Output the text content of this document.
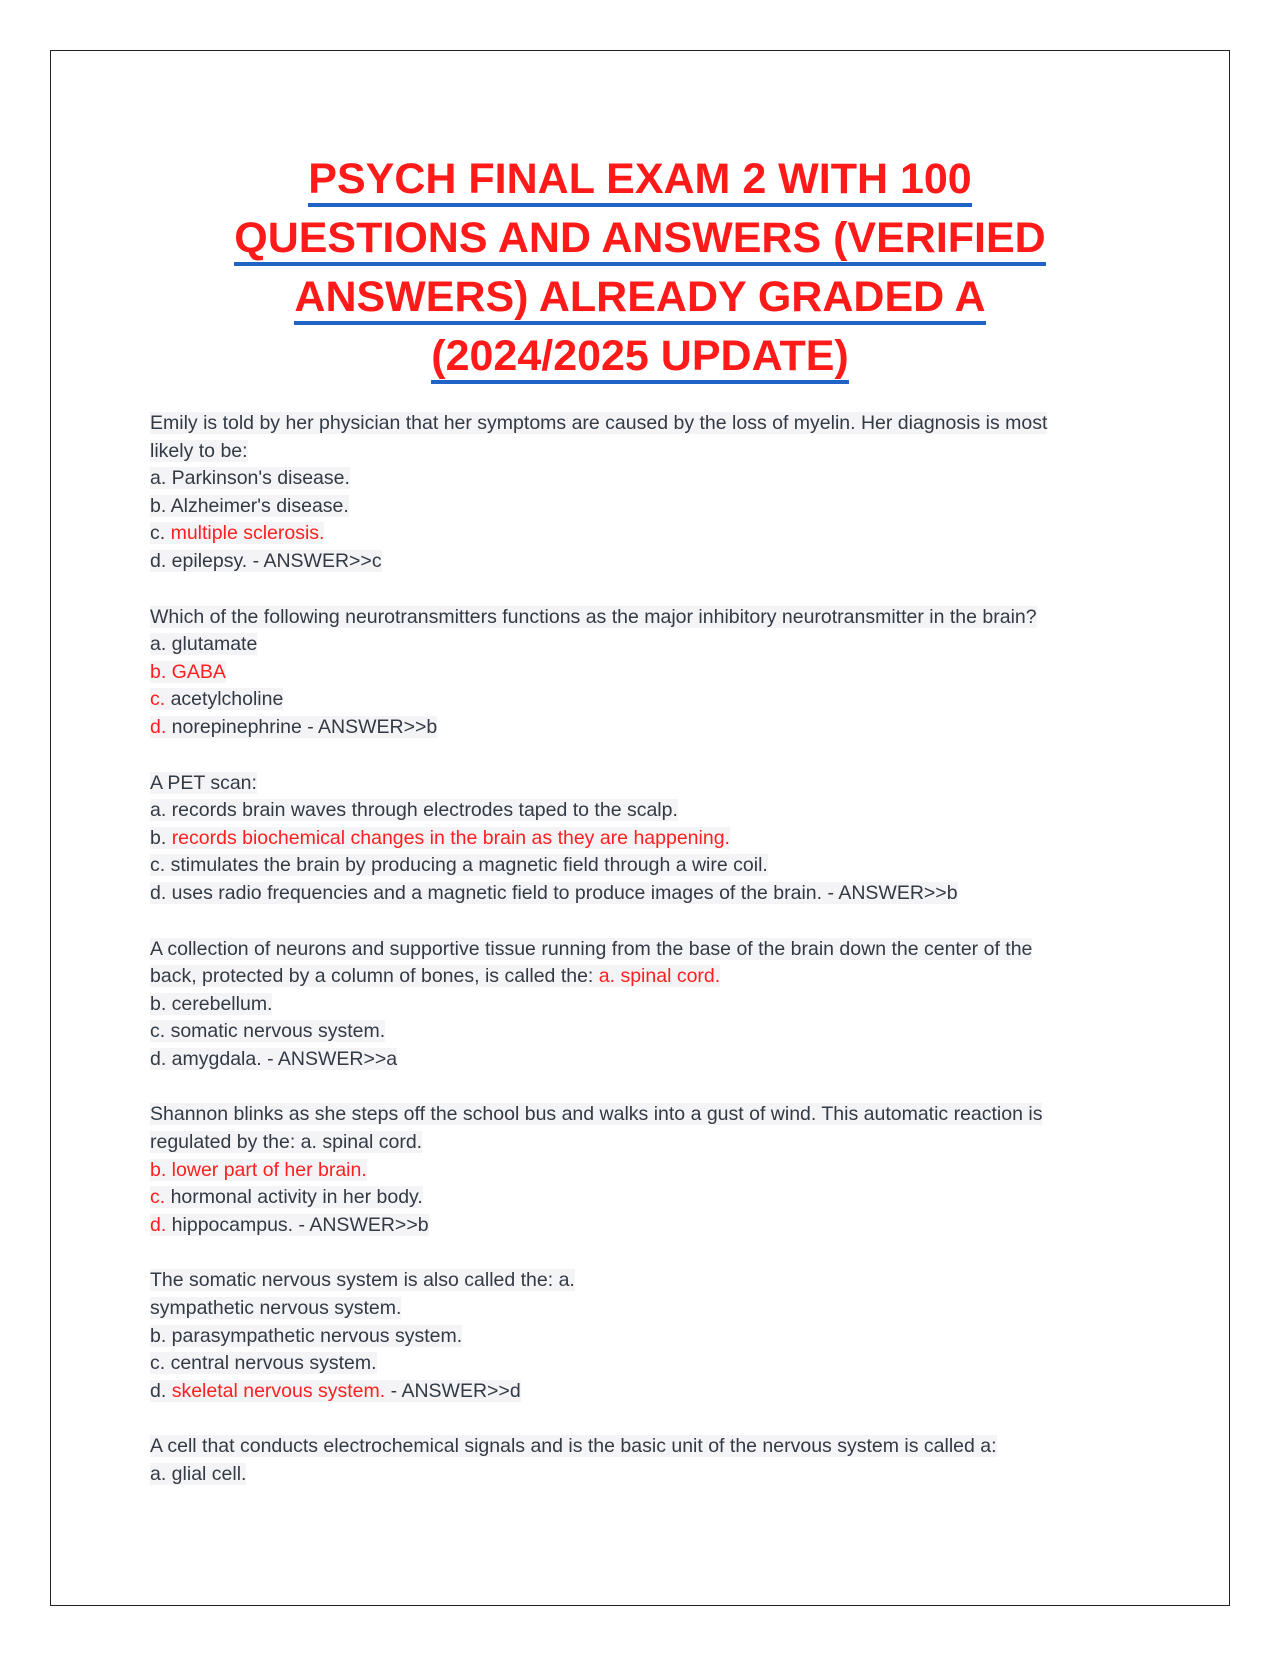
PSYCH FINAL EXAM 2 WITH 100
QUESTIONS AND ANSWERS (VERIFIED
ANSWERS) ALREADY GRADED A
(2024/2025 UPDATE)
Emily is told by her physician that her symptoms are caused by the loss of myelin. Her diagnosis is most
likely to be:
a. Parkinson's disease.
b. Alzheimer's disease.
c. multiple sclerosis.
d. epilepsy. - ANSWER>>c
Which of the following neurotransmitters functions as the major inhibitory neurotransmitter in the brain?
a. glutamate
b. GABA
c. acetylcholine
d. norepinephrine - ANSWER>>b
A PET scan:
a. records brain waves through electrodes taped to the scalp.
b. records biochemical changes in the brain as they are happening.
c. stimulates the brain by producing a magnetic field through a wire coil.
d. uses radio frequencies and a magnetic field to produce images of the brain. - ANSWER>>b
A collection of neurons and supportive tissue running from the base of the brain down the center of the
back, protected by a column of bones, is called the: a. spinal cord.
b. cerebellum.
c. somatic nervous system.
d. amygdala. - ANSWER>>a
Shannon blinks as she steps off the school bus and walks into a gust of wind. This automatic reaction is
regulated by the: a. spinal cord.
b. lower part of her brain.
c. hormonal activity in her body.
d. hippocampus. - ANSWER>>b
The somatic nervous system is also called the: a.
sympathetic nervous system.
b. parasympathetic nervous system.
c. central nervous system.
d. skeletal nervous system. - ANSWER>>d
A cell that conducts electrochemical signals and is the basic unit of the nervous system is called a:
a. glial cell.
